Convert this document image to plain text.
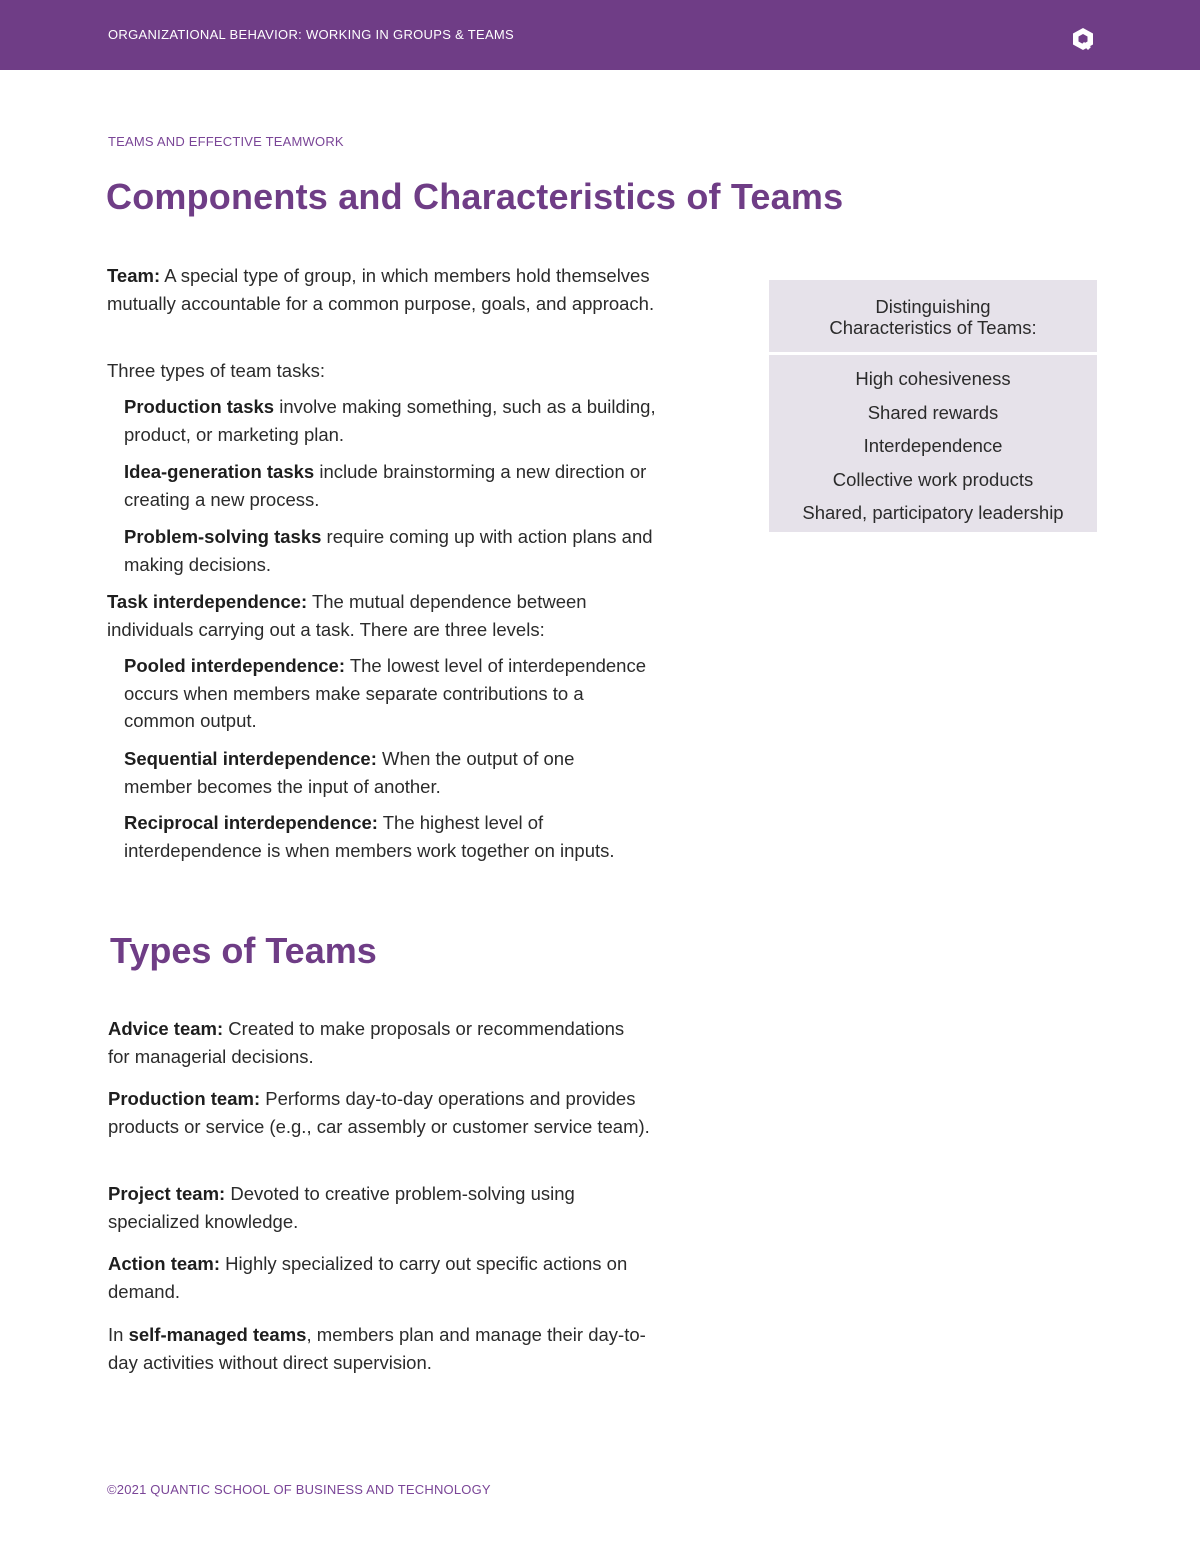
ORGANIZATIONAL BEHAVIOR: WORKING IN GROUPS & TEAMS
TEAMS AND EFFECTIVE TEAMWORK
Components and Characteristics of Teams

Team: A special type of group, in which members hold themselves mutually accountable for a common purpose, goals, and approach.

Three types of team tasks:

Production tasks involve making something, such as a building, product, or marketing plan.

Idea-generation tasks include brainstorming a new direction or creating a new process.

Problem-solving tasks require coming up with action plans and making decisions.

Task interdependence: The mutual dependence between individuals carrying out a task. There are three levels:

Pooled interdependence: The lowest level of interdependence occurs when members make separate contributions to a common output.

Sequential interdependence: When the output of one member becomes the input of another.

Reciprocal interdependence: The highest level of interdependence is when members work together on inputs.

Distinguishing
Characteristics of Teams:
High cohesiveness
Shared rewards
Interdependence
Collective work products
Shared, participatory leadership
Types of Teams

Advice team: Created to make proposals or recommendations for managerial decisions.

Production team: Performs day-to-day operations and provides products or service (e.g., car assembly or customer service team).

Project team: Devoted to creative problem-solving using specialized knowledge.

Action team: Highly specialized to carry out specific actions on demand.

In self-managed teams, members plan and manage their day-to-day activities without direct supervision.

©2021 QUANTIC SCHOOL OF BUSINESS AND TECHNOLOGY
